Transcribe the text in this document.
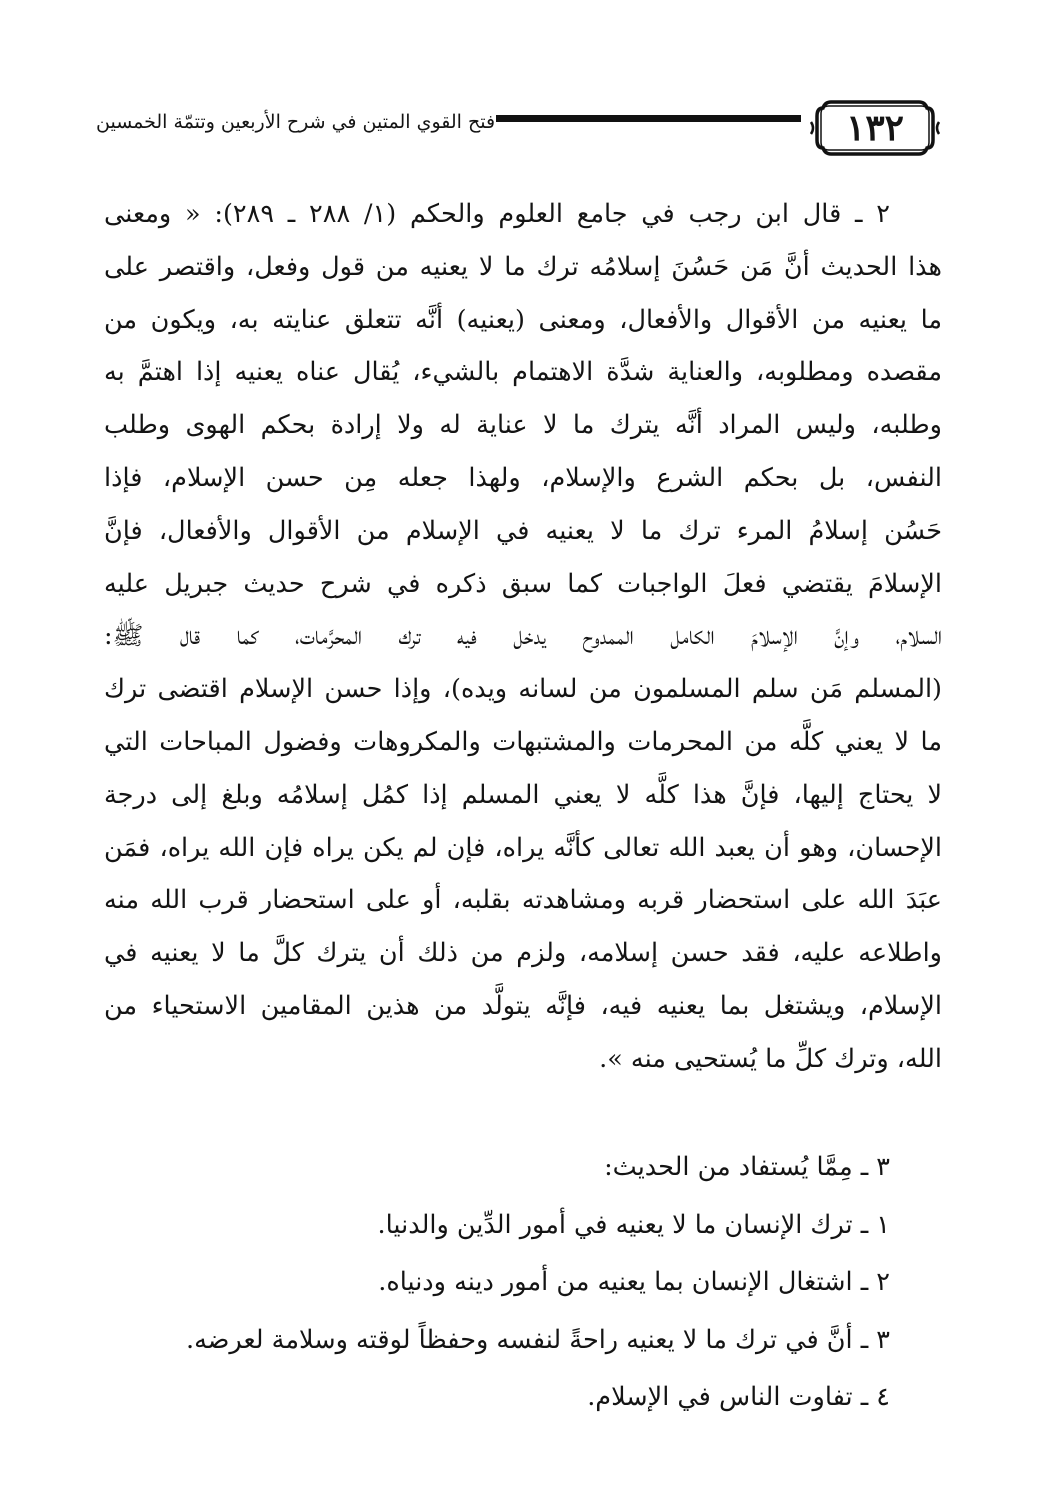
فتح القوي المتين في شرح الأربعين وتتمّة الخمسين	١٣٢
٢ ـ قال ابن رجب في جامع العلوم والحكم (١/ ٢٨٨ ـ ٢٨٩): « ومعنى
هذا الحديث أنَّ مَن حَسُنَ إسلامُه ترك ما لا يعنيه من قول وفعل، واقتصر على
ما يعنيه من الأقوال والأفعال، ومعنى (يعنيه) أنَّه تتعلق عنايته به، ويكون من
مقصده ومطلوبه، والعناية شدَّة الاهتمام بالشيء، يُقال عناه يعنيه إذا اهتمَّ به
وطلبه، وليس المراد أنَّه يترك ما لا عناية له ولا إرادة بحكم الهوى وطلب
النفس، بل بحكم الشرع والإسلام، ولهذا جعله مِن حسن الإسلام، فإذا
حَسُن إسلامُ المرء ترك ما لا يعنيه في الإسلام من الأقوال والأفعال، فإنَّ
الإسلامَ يقتضي فعلَ الواجبات كما سبق ذكره في شرح حديث جبريل عليه
السلام، وإنَّ الإسلامَ الكامل الممدوح يدخل فيه ترك المحرَّمات، كما قال ﷺ:
(المسلم مَن سلم المسلمون من لسانه ويده)، وإذا حسن الإسلام اقتضى ترك
ما لا يعني كلَّه من المحرمات والمشتبهات والمكروهات وفضول المباحات التي
لا يحتاج إليها، فإنَّ هذا كلَّه لا يعني المسلم إذا كمُل إسلامُه وبلغ إلى درجة
الإحسان، وهو أن يعبد الله تعالى كأنَّه يراه، فإن لم يكن يراه فإن الله يراه، فمَن
عبَدَ الله على استحضار قربه ومشاهدته بقلبه، أو على استحضار قرب الله منه
واطلاعه عليه، فقد حسن إسلامه، ولزم من ذلك أن يترك كلَّ ما لا يعنيه في
الإسلام، ويشتغل بما يعنيه فيه، فإنَّه يتولَّد من هذين المقامين الاستحياء من
الله، وترك كلِّ ما يُستحيى منه ».
٣ ـ مِمَّا يُستفاد من الحديث:
١ ـ ترك الإنسان ما لا يعنيه في أمور الدِّين والدنيا.
٢ ـ اشتغال الإنسان بما يعنيه من أمور دينه ودنياه.
٣ ـ أنَّ في ترك ما لا يعنيه راحةً لنفسه وحفظاً لوقته وسلامة لعرضه.
٤ ـ تفاوت الناس في الإسلام.
